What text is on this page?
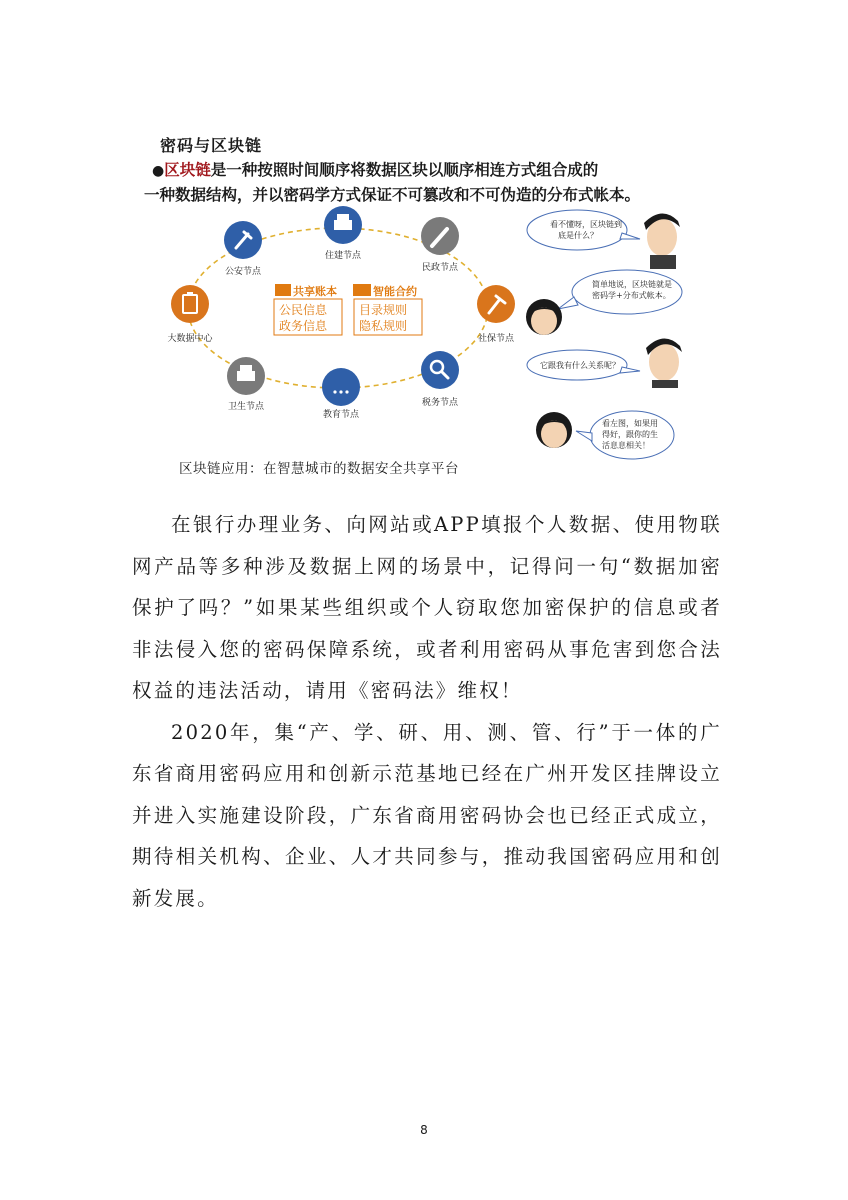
密码与区块链
●区块链是一种按照时间顺序将数据区块以顺序相连方式组合成的
一种数据结构，并以密码学方式保证不可篡改和不可伪造的分布式帐本。
公安节点
住建节点
民政节点
大数据中心	社保节点
卫生节点
教育节点
税务节点
共享账本
公民信息
政务信息
智能合约
目录规则
隐私规则
区块链应用：在智慧城市的数据安全共享平台
看不懂呀，区块链到底是什么？
简单地说，区块链就是密码学+分布式帐本。
它跟我有什么关系呢？
看左图，如果用得好，跟你的生活息息相关！

在银行办理业务、向网站或APP填报个人数据、使用物联网产品等多种涉及数据上网的场景中，记得问一句“数据加密保护了吗？”如果某些组织或个人窃取您加密保护的信息或者非法侵入您的密码保障系统，或者利用密码从事危害到您合法权益的违法活动，请用《密码法》维权！

2020年，集“产、学、研、用、测、管、行”于一体的广东省商用密码应用和创新示范基地已经在广州开发区挂牌设立并进入实施建设阶段，广东省商用密码协会也已经正式成立，期待相关机构、企业、人才共同参与，推动我国密码应用和创新发展。

8
